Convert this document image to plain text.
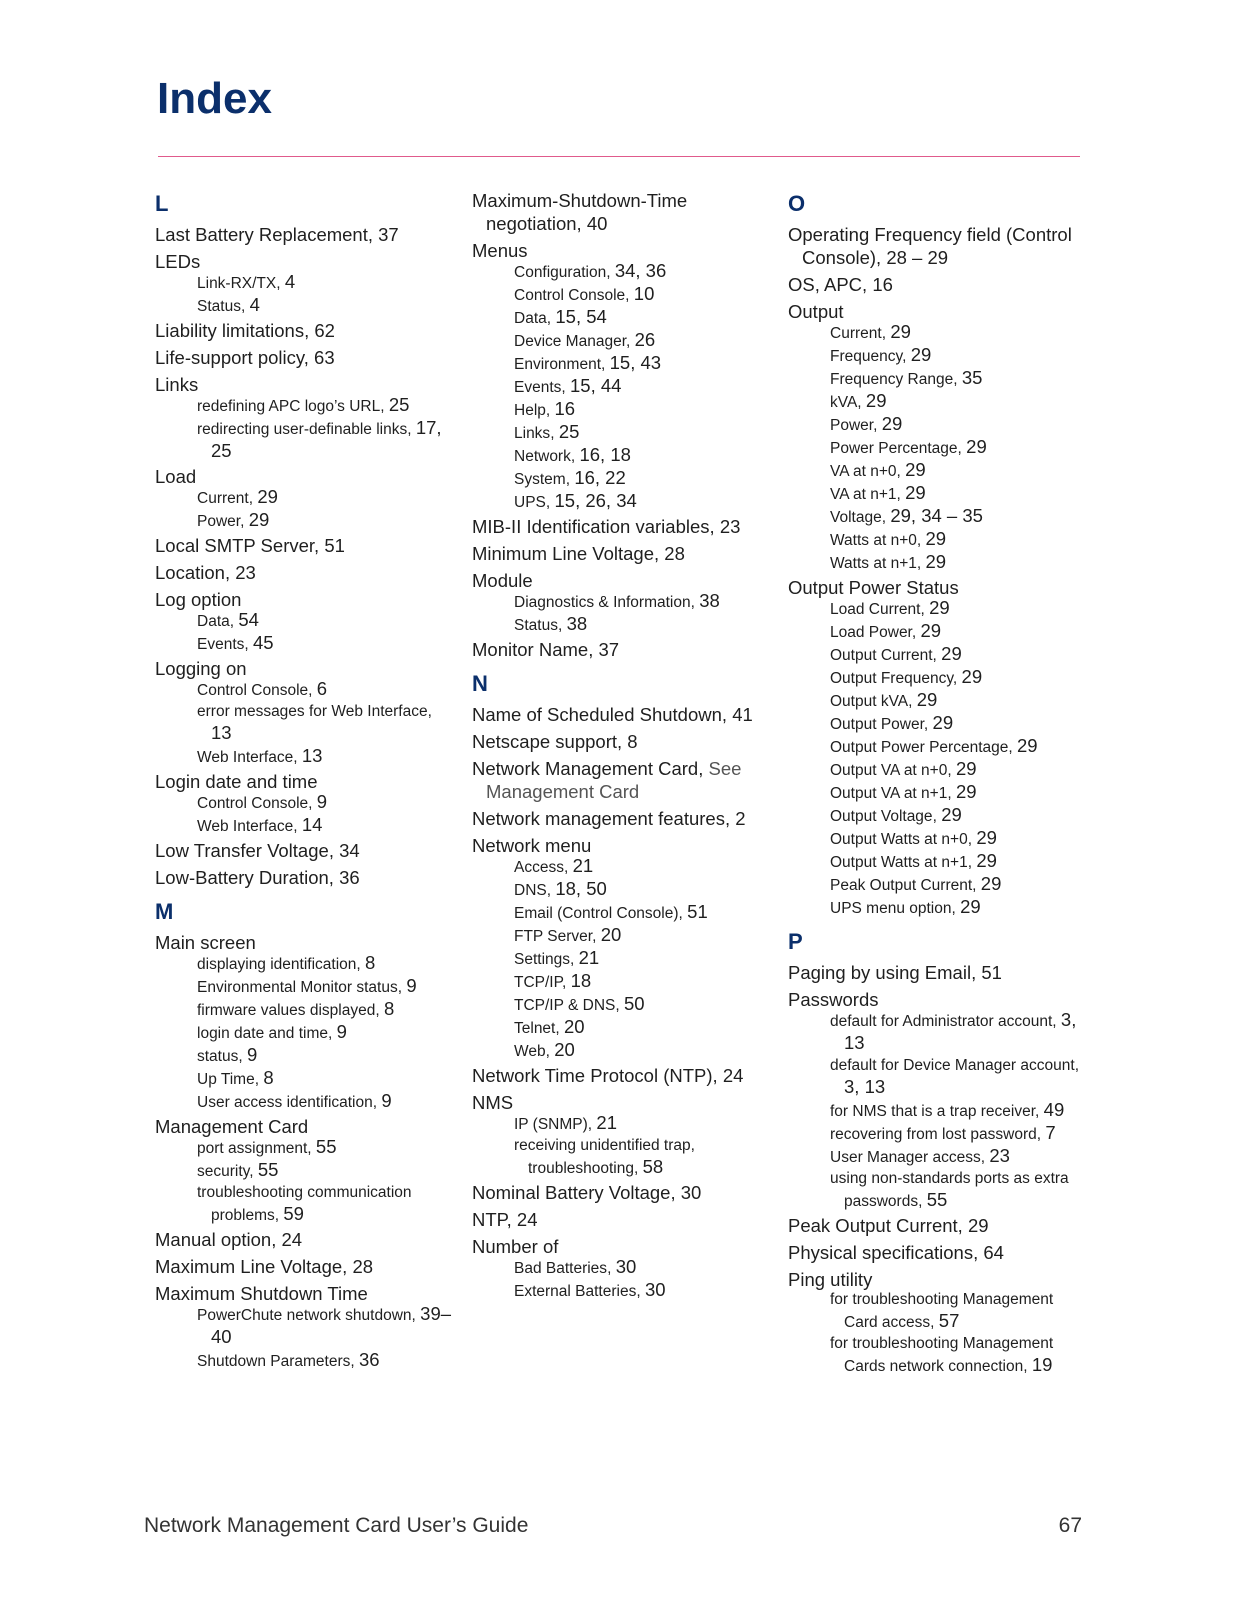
Index
L
Last Battery Replacement, 37
LEDs
Link-RX/TX, 4
Status, 4
Liability limitations, 62
Life-support policy, 63
Links
redefining APC logo’s URL, 25
redirecting user-definable links, 17, 25
Load
Current, 29
Power, 29
Local SMTP Server, 51
Location, 23
Log option
Data, 54
Events, 45
Logging on
Control Console, 6
error messages for Web Interface, 13
Web Interface, 13
Login date and time
Control Console, 9
Web Interface, 14
Low Transfer Voltage, 34
Low-Battery Duration, 36
M
Main screen
displaying identification, 8
Environmental Monitor status, 9
firmware values displayed, 8
login date and time, 9
status, 9
Up Time, 8
User access identification, 9
Management Card
port assignment, 55
security, 55
troubleshooting communication problems, 59
Manual option, 24
Maximum Line Voltage, 28
Maximum Shutdown Time
PowerChute network shutdown, 39– 40
Shutdown Parameters, 36
Maximum-Shutdown-Time negotiation, 40
Menus
Configuration, 34, 36
Control Console, 10
Data, 15, 54
Device Manager, 26
Environment, 15, 43
Events, 15, 44
Help, 16
Links, 25
Network, 16, 18
System, 16, 22
UPS, 15, 26, 34
MIB-II Identification variables, 23
Minimum Line Voltage, 28
Module
Diagnostics & Information, 38
Status, 38
Monitor Name, 37
N
Name of Scheduled Shutdown, 41
Netscape support, 8
Network Management Card, See Management Card
Network management features, 2
Network menu
Access, 21
DNS, 18, 50
Email (Control Console), 51
FTP Server, 20
Settings, 21
TCP/IP, 18
TCP/IP & DNS, 50
Telnet, 20
Web, 20
Network Time Protocol (NTP), 24
NMS
IP (SNMP), 21
receiving unidentified trap, troubleshooting, 58
Nominal Battery Voltage, 30
NTP, 24
Number of
Bad Batteries, 30
External Batteries, 30
O
Operating Frequency field (Control Console), 28 – 29
OS, APC, 16
Output
Current, 29
Frequency, 29
Frequency Range, 35
kVA, 29
Power, 29
Power Percentage, 29
VA at n+0, 29
VA at n+1, 29
Voltage, 29, 34 – 35
Watts at n+0, 29
Watts at n+1, 29
Output Power Status
Load Current, 29
Load Power, 29
Output Current, 29
Output Frequency, 29
Output kVA, 29
Output Power, 29
Output Power Percentage, 29
Output VA at n+0, 29
Output VA at n+1, 29
Output Voltage, 29
Output Watts at n+0, 29
Output Watts at n+1, 29
Peak Output Current, 29
UPS menu option, 29
P
Paging by using Email, 51
Passwords
default for Administrator account, 3, 13
default for Device Manager account, 3, 13
for NMS that is a trap receiver, 49
recovering from lost password, 7
User Manager access, 23
using non-standards ports as extra passwords, 55
Peak Output Current, 29
Physical specifications, 64
Ping utility
for troubleshooting Management Card access, 57
for troubleshooting Management Cards network connection, 19
Network Management Card User’s Guide	67
